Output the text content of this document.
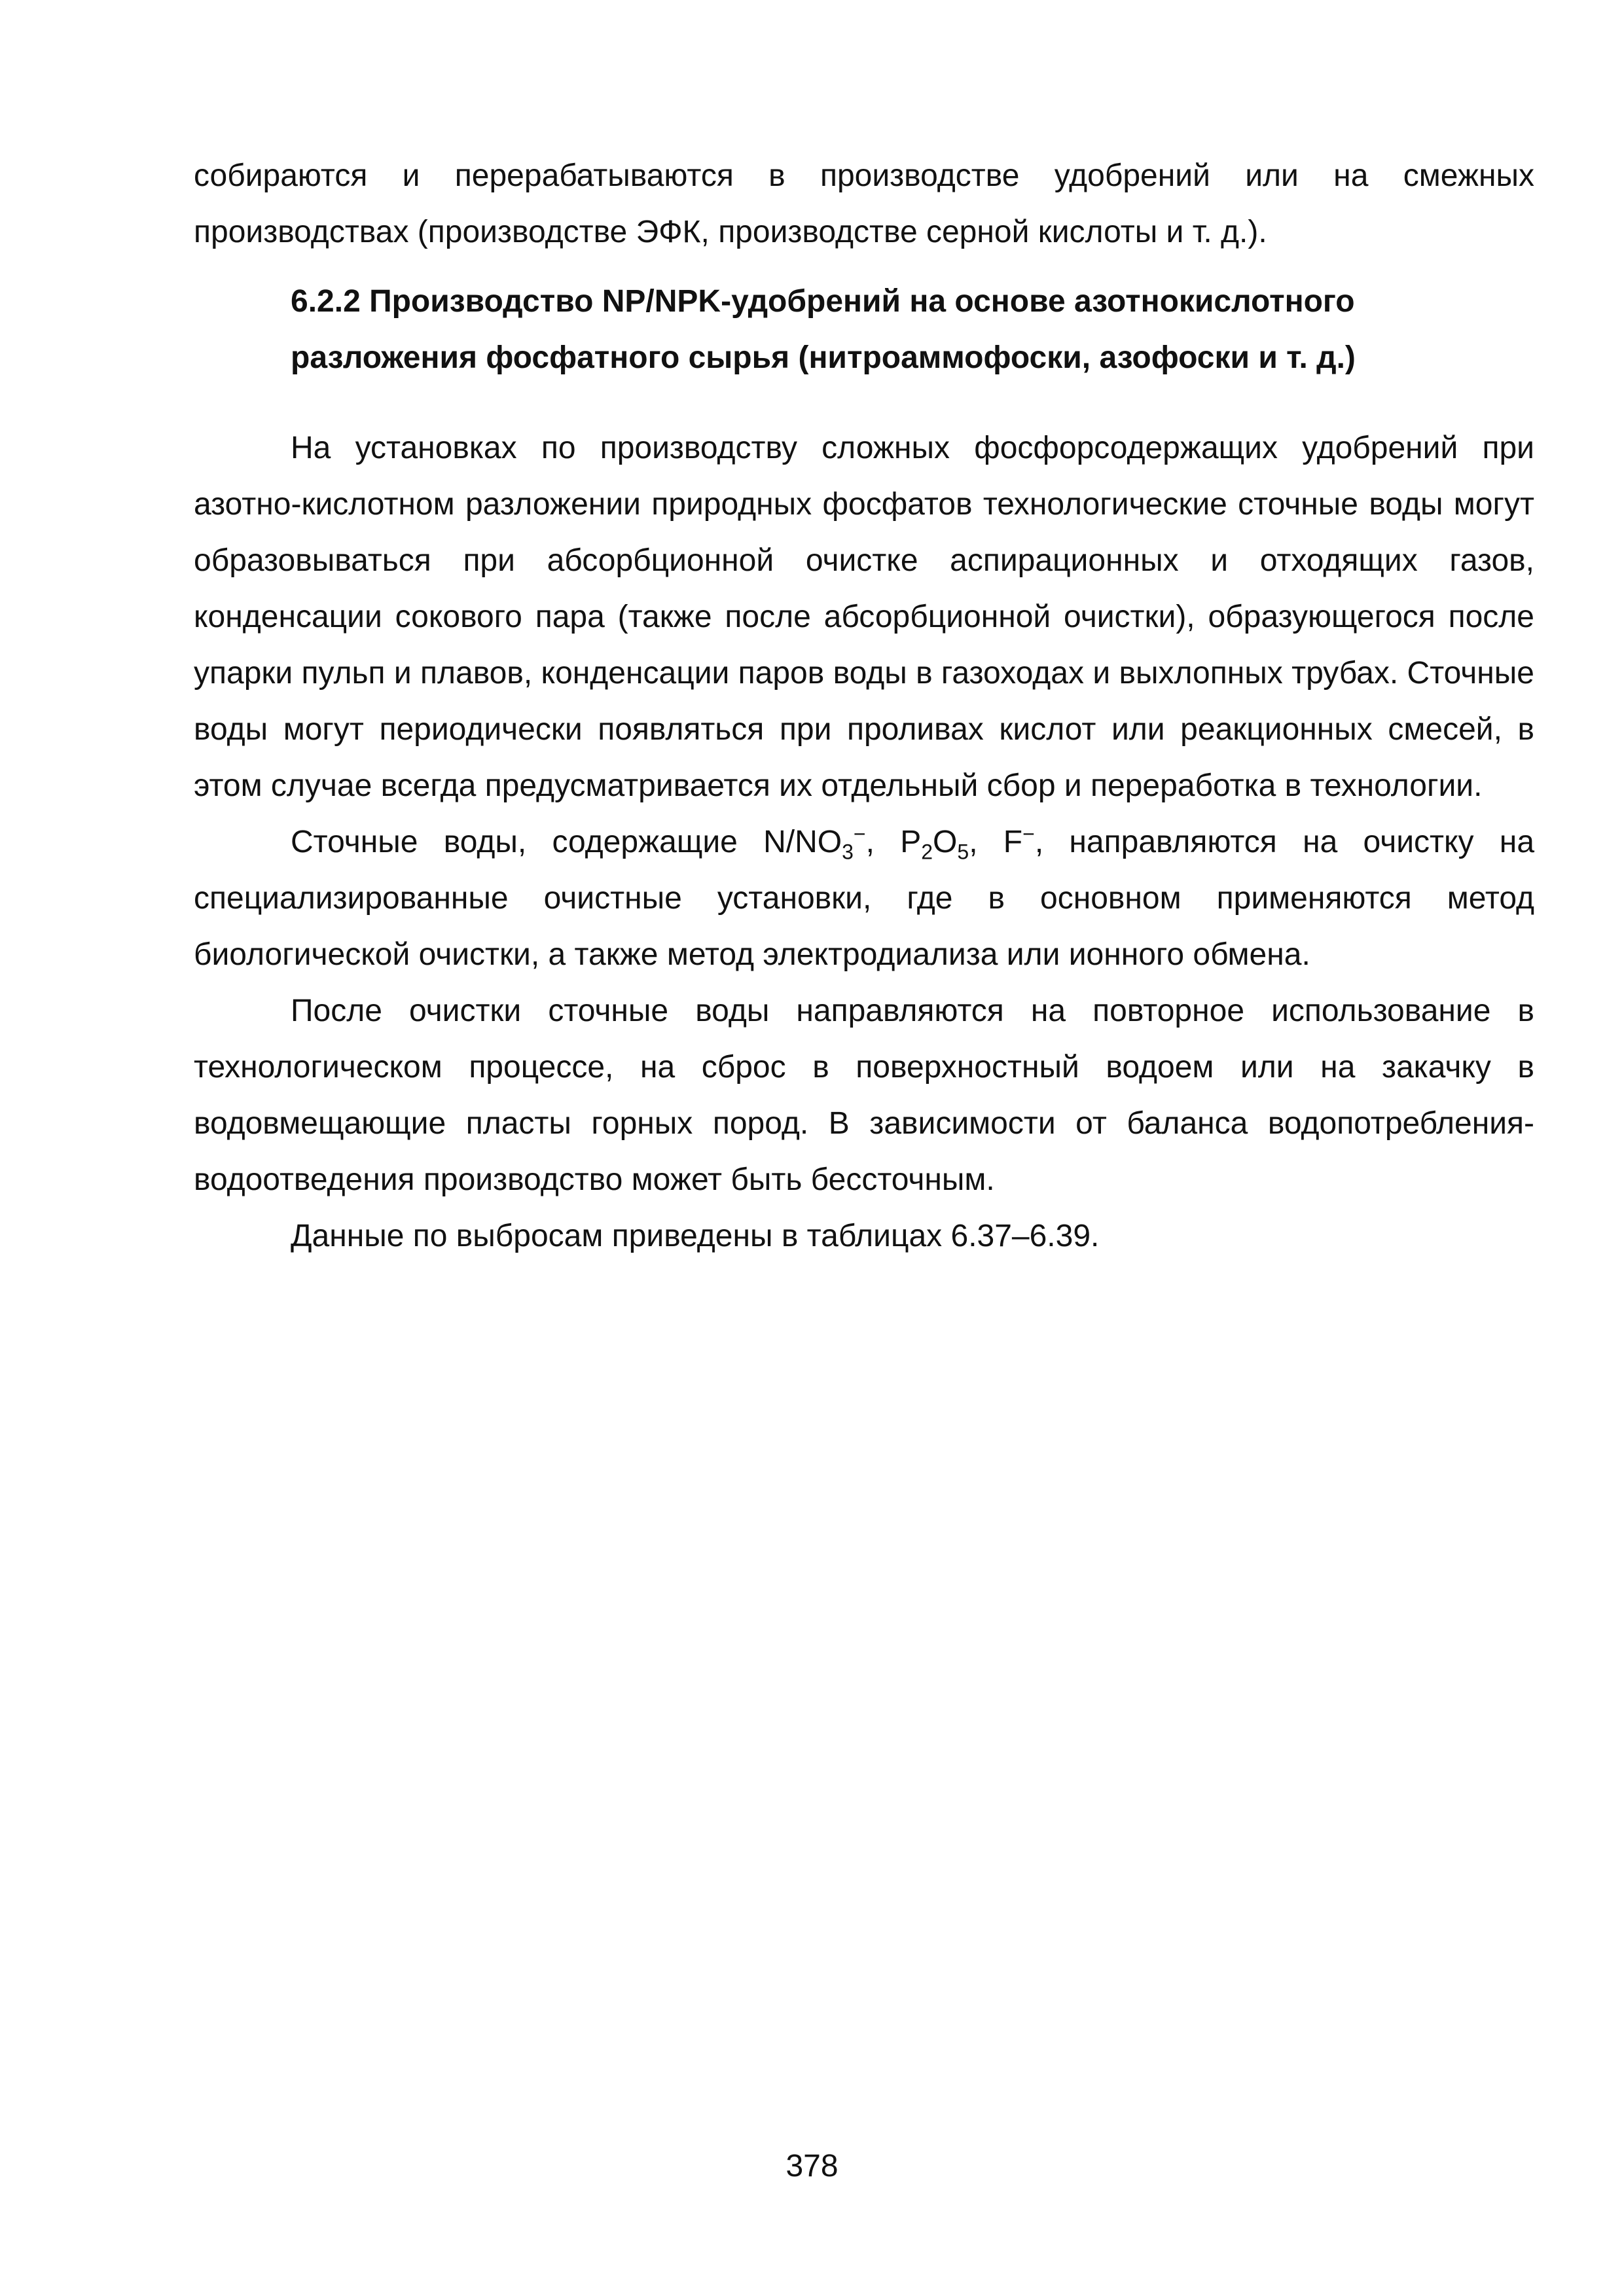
собираются и перерабатываются в производстве удобрений или на смежных производствах (производстве ЭФК, производстве серной кислоты и т. д.).

6.2.2 Производство NP/NPK-удобрений на основе азотнокислотного
разложения фосфатного сырья (нитроаммофоски, азофоски и т. д.)

На установках по производству сложных фосфорсодержащих удобрений при азотно-кислотном разложении природных фосфатов технологические сточные воды могут образовываться при абсорбционной очистке аспирационных и отходящих газов, конденсации сокового пара (также после абсорбционной очистки), образующегося после упарки пульп и плавов, конденсации паров воды в газоходах и выхлопных трубах. Сточные воды могут периодически появляться при проливах кислот или реакционных смесей, в этом случае всегда предусматривается их отдельный сбор и переработка в технологии.

Сточные воды, содержащие $N/NO_3^-$, $P_2O_5$, F−, направляются на очистку на специализированные очистные установки, где в основном применяются метод биологической очистки, а также метод электродиализа или ионного обмена.

После очистки сточные воды направляются на повторное использование в технологическом процессе, на сброс в поверхностный водоем или на закачку в водовмещающие пласты горных пород. В зависимости от баланса водопотребления-водоотведения производство может быть бессточным.

Данные по выбросам приведены в таблицах 6.37–6.39.

378
